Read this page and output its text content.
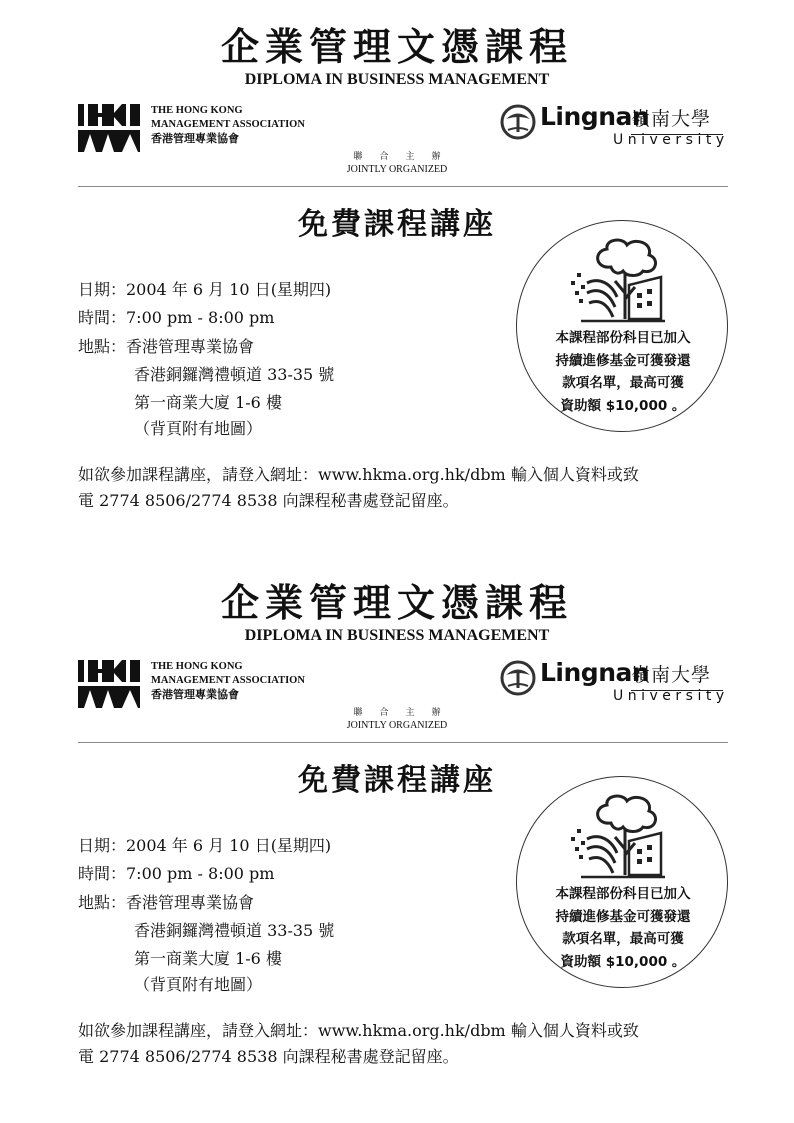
企業管理文憑課程
DIPLOMA IN BUSINESS MANAGEMENT
THE HONG KONG
MANAGEMENT ASSOCIATION
香港管理專業協會
Lingnan
嶺南大學
University
聯合主辦
JOINTLY ORGANIZED
免費課程講座
日期：2004 年 6 月 10 日(星期四)
時間：7:00 pm - 8:00 pm
地點：香港管理專業協會
香港銅鑼灣禮頓道 33-35 號
第一商業大廈 1-6 樓
（背頁附有地圖）
如欲參加課程講座，請登入網址：www.hkma.org.hk/dbm 輸入個人資料或致
電 2774 8506/2774 8538 向課程秘書處登記留座。
本課程部份科目已加入
持續進修基金可獲發還
款項名單，最高可獲
資助額 $10,000 。
企業管理文憑課程
DIPLOMA IN BUSINESS MANAGEMENT
THE HONG KONG
MANAGEMENT ASSOCIATION
香港管理專業協會
Lingnan
嶺南大學
University
聯合主辦
JOINTLY ORGANIZED
免費課程講座
日期：2004 年 6 月 10 日(星期四)
時間：7:00 pm - 8:00 pm
地點：香港管理專業協會
香港銅鑼灣禮頓道 33-35 號
第一商業大廈 1-6 樓
（背頁附有地圖）
如欲參加課程講座，請登入網址：www.hkma.org.hk/dbm 輸入個人資料或致
電 2774 8506/2774 8538 向課程秘書處登記留座。
本課程部份科目已加入
持續進修基金可獲發還
款項名單，最高可獲
資助額 $10,000 。
